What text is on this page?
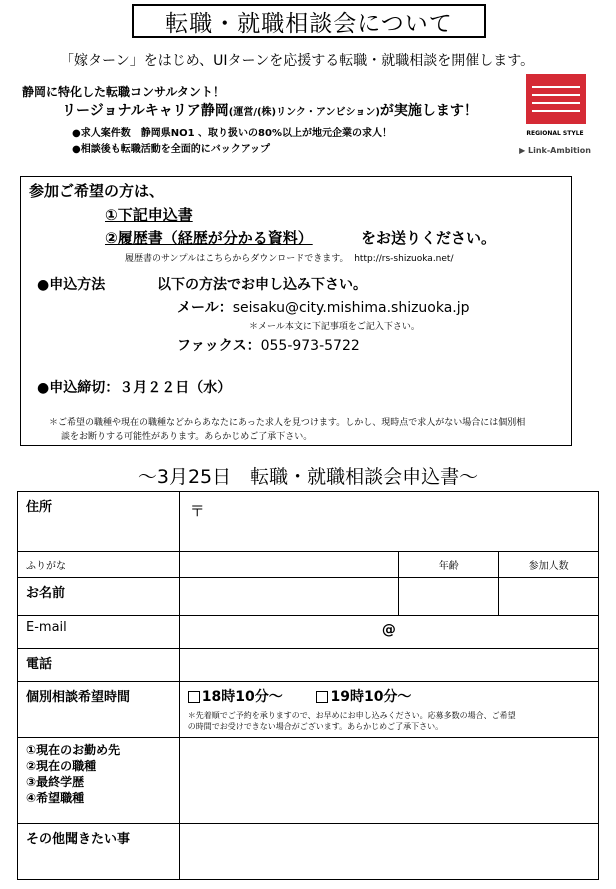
転職・就職相談会について
「嫁ターン」をはじめ、UIターンを応援する転職・就職相談を開催します。
静岡に特化した転職コンサルタント！
リージョナルキャリア静岡(運営/(株)リンク・アンビション)が実施します！
●求人案件数　静岡県NO1 、取り扱いの80%以上が地元企業の求人！
●相談後も転職活動を全面的にバックアップ
REGIONAL STYLE
▶ Link-Ambition
参加ご希望の方は、
①下記申込書
②履歴書（経歴が分かる資料）	をお送りください。
履歴書のサンプルはこちらからダウンロードできます。 http://rs-shizuoka.net/
●申込方法	以下の方法でお申し込み下さい。
メール：seisaku@city.mishima.shizuoka.jp
＊メール本文に下記事項をご記入下さい。
ファックス：055-973-5722
●申込締切：３月２２日（水）
＊ご希望の職種や現在の職種などからあなたにあった求人を見つけます。しかし、現時点で求人がない場合には個別相
談をお断りする可能性があります。あらかじめご了承下さい。
～3月25日　転職・就職相談会申込書～
住所	〒		
ふりがな		年齢	参加人数
お名前			
E-mail	@		
電話			
個別相談希望時間	18時10分～ 19時10分～
＊先着順でご予約を承りますので、お早めにお申し込みください。応募多数の場合、ご希望
の時間でお受けできない場合がございます。あらかじめご了承下さい。		

①現在のお勤め先
②現在の職種
③最終学歴
④希望職種			

その他聞きたい事			
